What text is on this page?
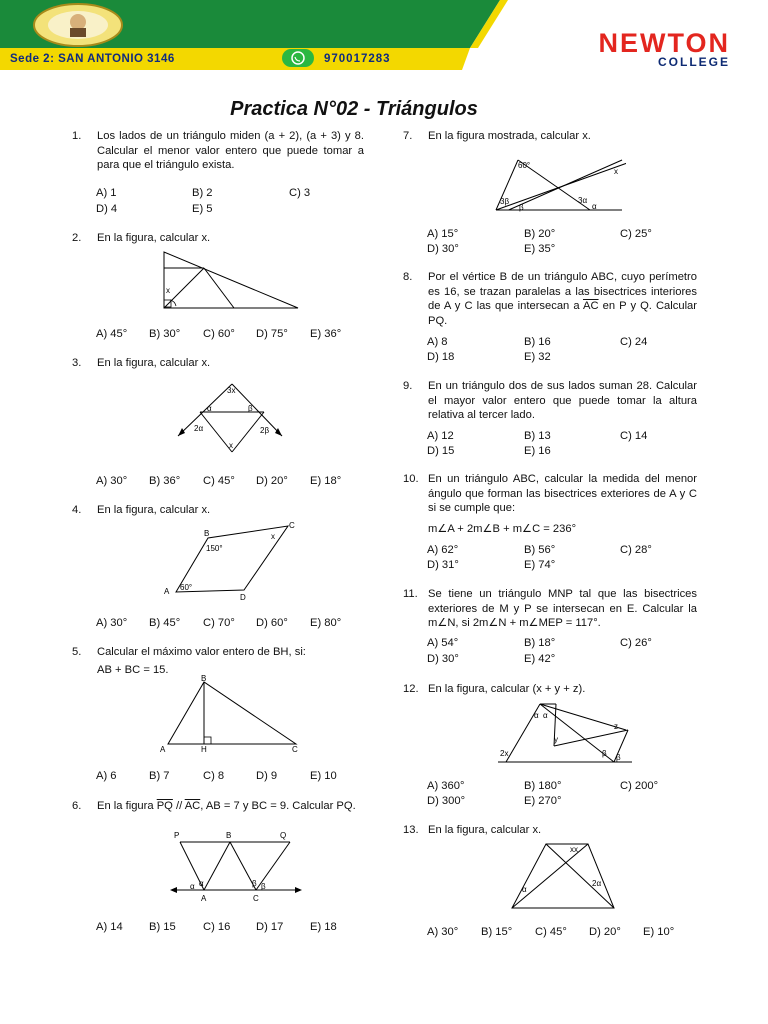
Sede 2: SAN ANTONIO 3146	970017283
NEWTON
COLLEGE
Practica N°02 - Triángulos
1. Los lados de un triángulo miden (a + 2), (a + 3) y 8. Calcular el menor valor entero que puede tomar a para que el triángulo exista.
A) 1	B) 2	C) 3
D) 4	E) 5
2. En la figura, calcular x.
x
A) 45° B) 30° C) 60° D) 75° E) 36°
3. En la figura, calcular x.
3x
α	β
2α	2β
x
A) 30° B) 36° C) 45° D) 20° E) 18°
4. En la figura, calcular x.
B
C
150°
x
A 60°
D
A) 30° B) 45° C) 70° D) 60° E) 80°
5. Calcular el máximo valor entero de BH, si:
AB + BC = 15.
B
A	H	C
A) 6	B) 7	C) 8	D) 9	E) 10
6. En la figura $\overline{PQ} // \overline{AC}$, AB = 7 y BC = 9. Calcular PQ.
P	B	Q
α
α	β β
A	C
A) 14 B) 15 C) 16 D) 17 E) 18
7. En la figura mostrada, calcular x.
60°
x
3β
β
3α
α
A) 15°	B) 20°	C) 25°
D) 30°	E) 35°
8. Por el vértice B de un triángulo ABC, cuyo perímetro es 16, se trazan paralelas a las bisectrices interiores de A y C las que intersecan a $\overline{AC}$ en P y Q. Calcular PQ.
A) 8	B) 16	C) 24
D) 18	E) 32
9. En un triángulo dos de sus lados suman 28. Calcular el mayor valor entero que puede tomar la altura relativa al tercer lado.
A) 12	B) 13	C) 14
D) 15	E) 16
10. En un triángulo ABC, calcular la medida del menor ángulo que forman las bisectrices exteriores de A y C si se cumple que:
m∠A + 2m∠B + m∠C = 236°
A) 62°	B) 56°	C) 28°
D) 31°	E) 74°
11. Se tiene un triángulo MNP tal que las bisectrices exteriores de M y P se intersecan en E. Calcular la m∠N, si 2m∠N + m∠MEP = 117°.
A) 54°	B) 18°	C) 26°
D) 30°	E) 42°
12. En la figura, calcular (x + y + z).
α α
z
y
2x	β β
A) 360°	B) 180°	C) 200°
D) 300°	E) 270°
13. En la figura, calcular x.
xx
α
2α
A) 30° B) 15° C) 45° D) 20° E) 10°
